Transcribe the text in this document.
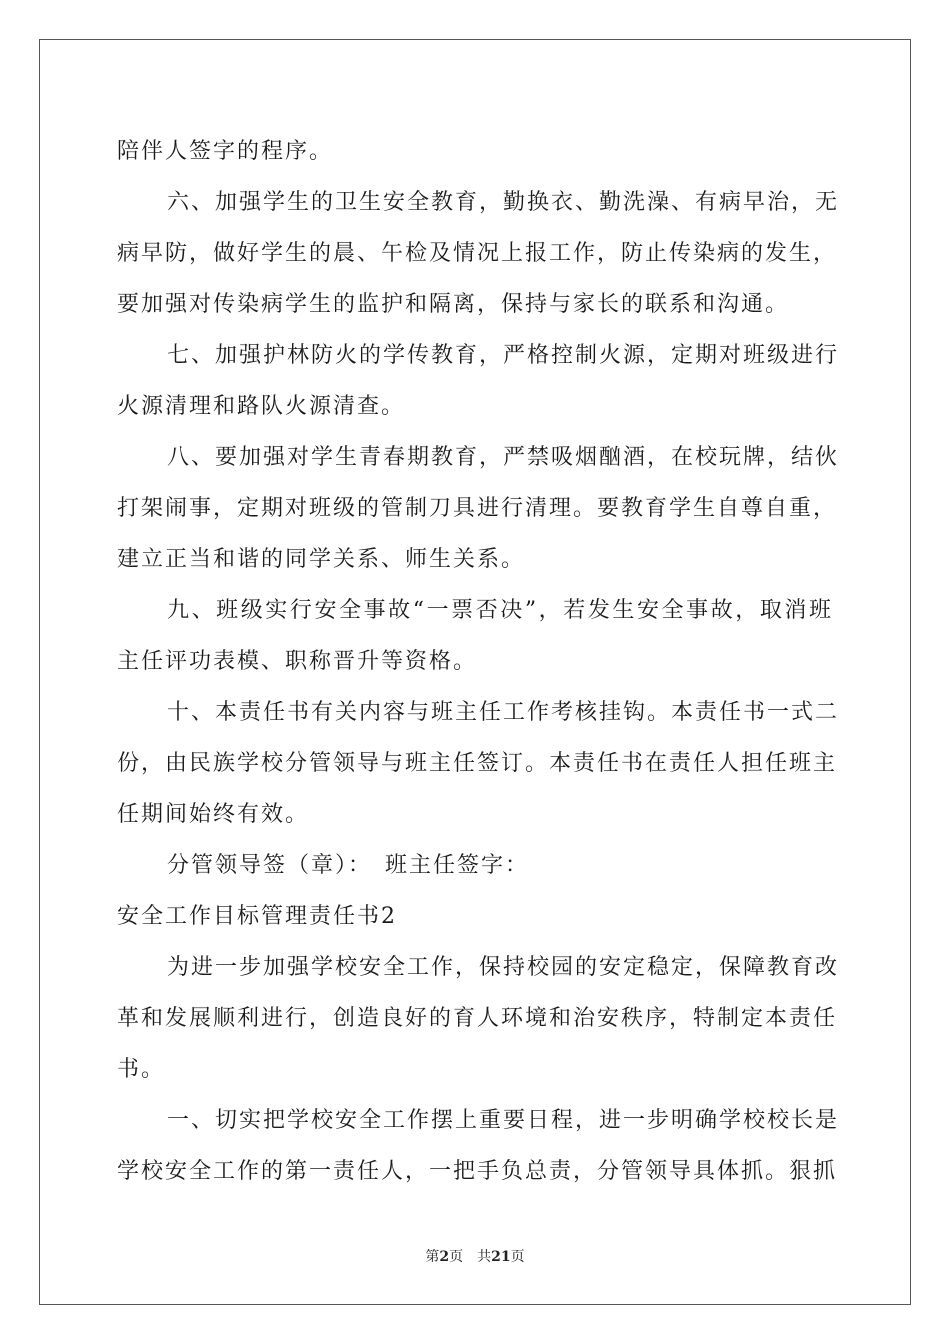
陪伴人签字的程序。
六、加强学生的卫生安全教育，勤换衣、勤洗澡、有病早治，无
病早防，做好学生的晨、午检及情况上报工作，防止传染病的发生，
要加强对传染病学生的监护和隔离，保持与家长的联系和沟通。
七、加强护林防火的学传教育，严格控制火源，定期对班级进行
火源清理和路队火源清查。
八、要加强对学生青春期教育，严禁吸烟酗酒，在校玩牌，结伙
打架闹事，定期对班级的管制刀具进行清理。要教育学生自尊自重，
建立正当和谐的同学关系、师生关系。
九、班级实行安全事故“一票否决”，若发生安全事故，取消班
主任评功表模、职称晋升等资格。
十、本责任书有关内容与班主任工作考核挂钩。本责任书一式二
份，由民族学校分管领导与班主任签订。本责任书在责任人担任班主
任期间始终有效。
分管领导签（章）：　班主任签字：
安全工作目标管理责任书2
为进一步加强学校安全工作，保持校园的安定稳定，保障教育改
革和发展顺利进行，创造良好的育人环境和治安秩序，特制定本责任
书。
一、切实把学校安全工作摆上重要日程，进一步明确学校校长是
学校安全工作的第一责任人，一把手负总责，分管领导具体抓。狠抓
第2页　共21页
